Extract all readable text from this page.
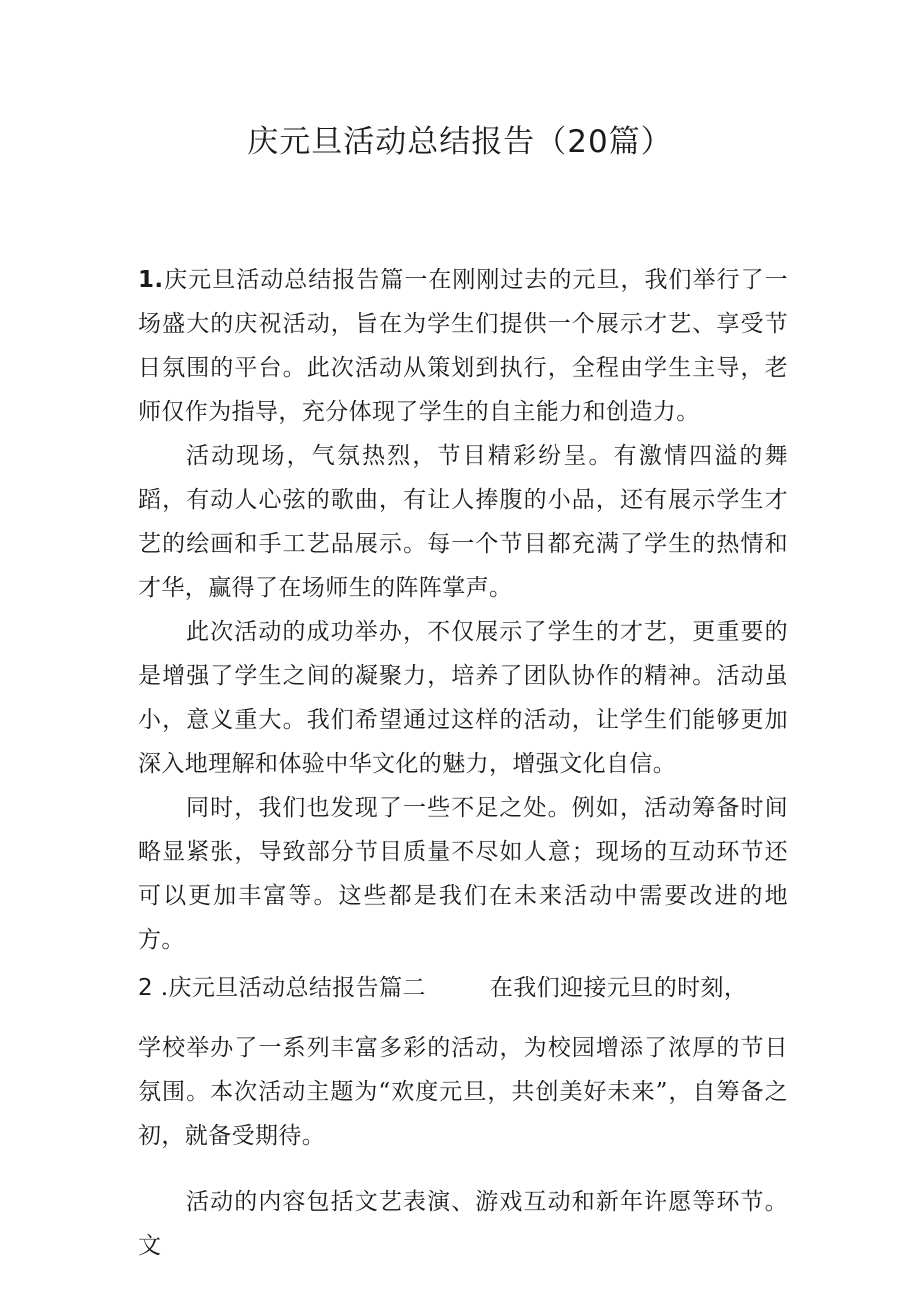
庆元旦活动总结报告（20篇）

1.庆元旦活动总结报告篇一在刚刚过去的元旦，我们举行了一场盛大的庆祝活动，旨在为学生们提供一个展示才艺、享受节日氛围的平台。此次活动从策划到执行，全程由学生主导，老师仅作为指导，充分体现了学生的自主能力和创造力。

活动现场，气氛热烈，节目精彩纷呈。有激情四溢的舞蹈，有动人心弦的歌曲，有让人捧腹的小品，还有展示学生才艺的绘画和手工艺品展示。每一个节目都充满了学生的热情和才华，赢得了在场师生的阵阵掌声。

此次活动的成功举办，不仅展示了学生的才艺，更重要的是增强了学生之间的凝聚力，培养了团队协作的精神。活动虽小，意义重大。我们希望通过这样的活动，让学生们能够更加深入地理解和体验中华文化的魅力，增强文化自信。

同时，我们也发现了一些不足之处。例如，活动筹备时间略显紧张，导致部分节目质量不尽如人意；现场的互动环节还可以更加丰富等。这些都是我们在未来活动中需要改进的地方。

2 .庆元旦活动总结报告篇二	在我们迎接元旦的时刻，

学校举办了一系列丰富多彩的活动，为校园增添了浓厚的节日氛围。本次活动主题为“欢度元旦，共创美好未来”，自筹备之初，就备受期待。

活动的内容包括文艺表演、游戏互动和新年许愿等环节。文
